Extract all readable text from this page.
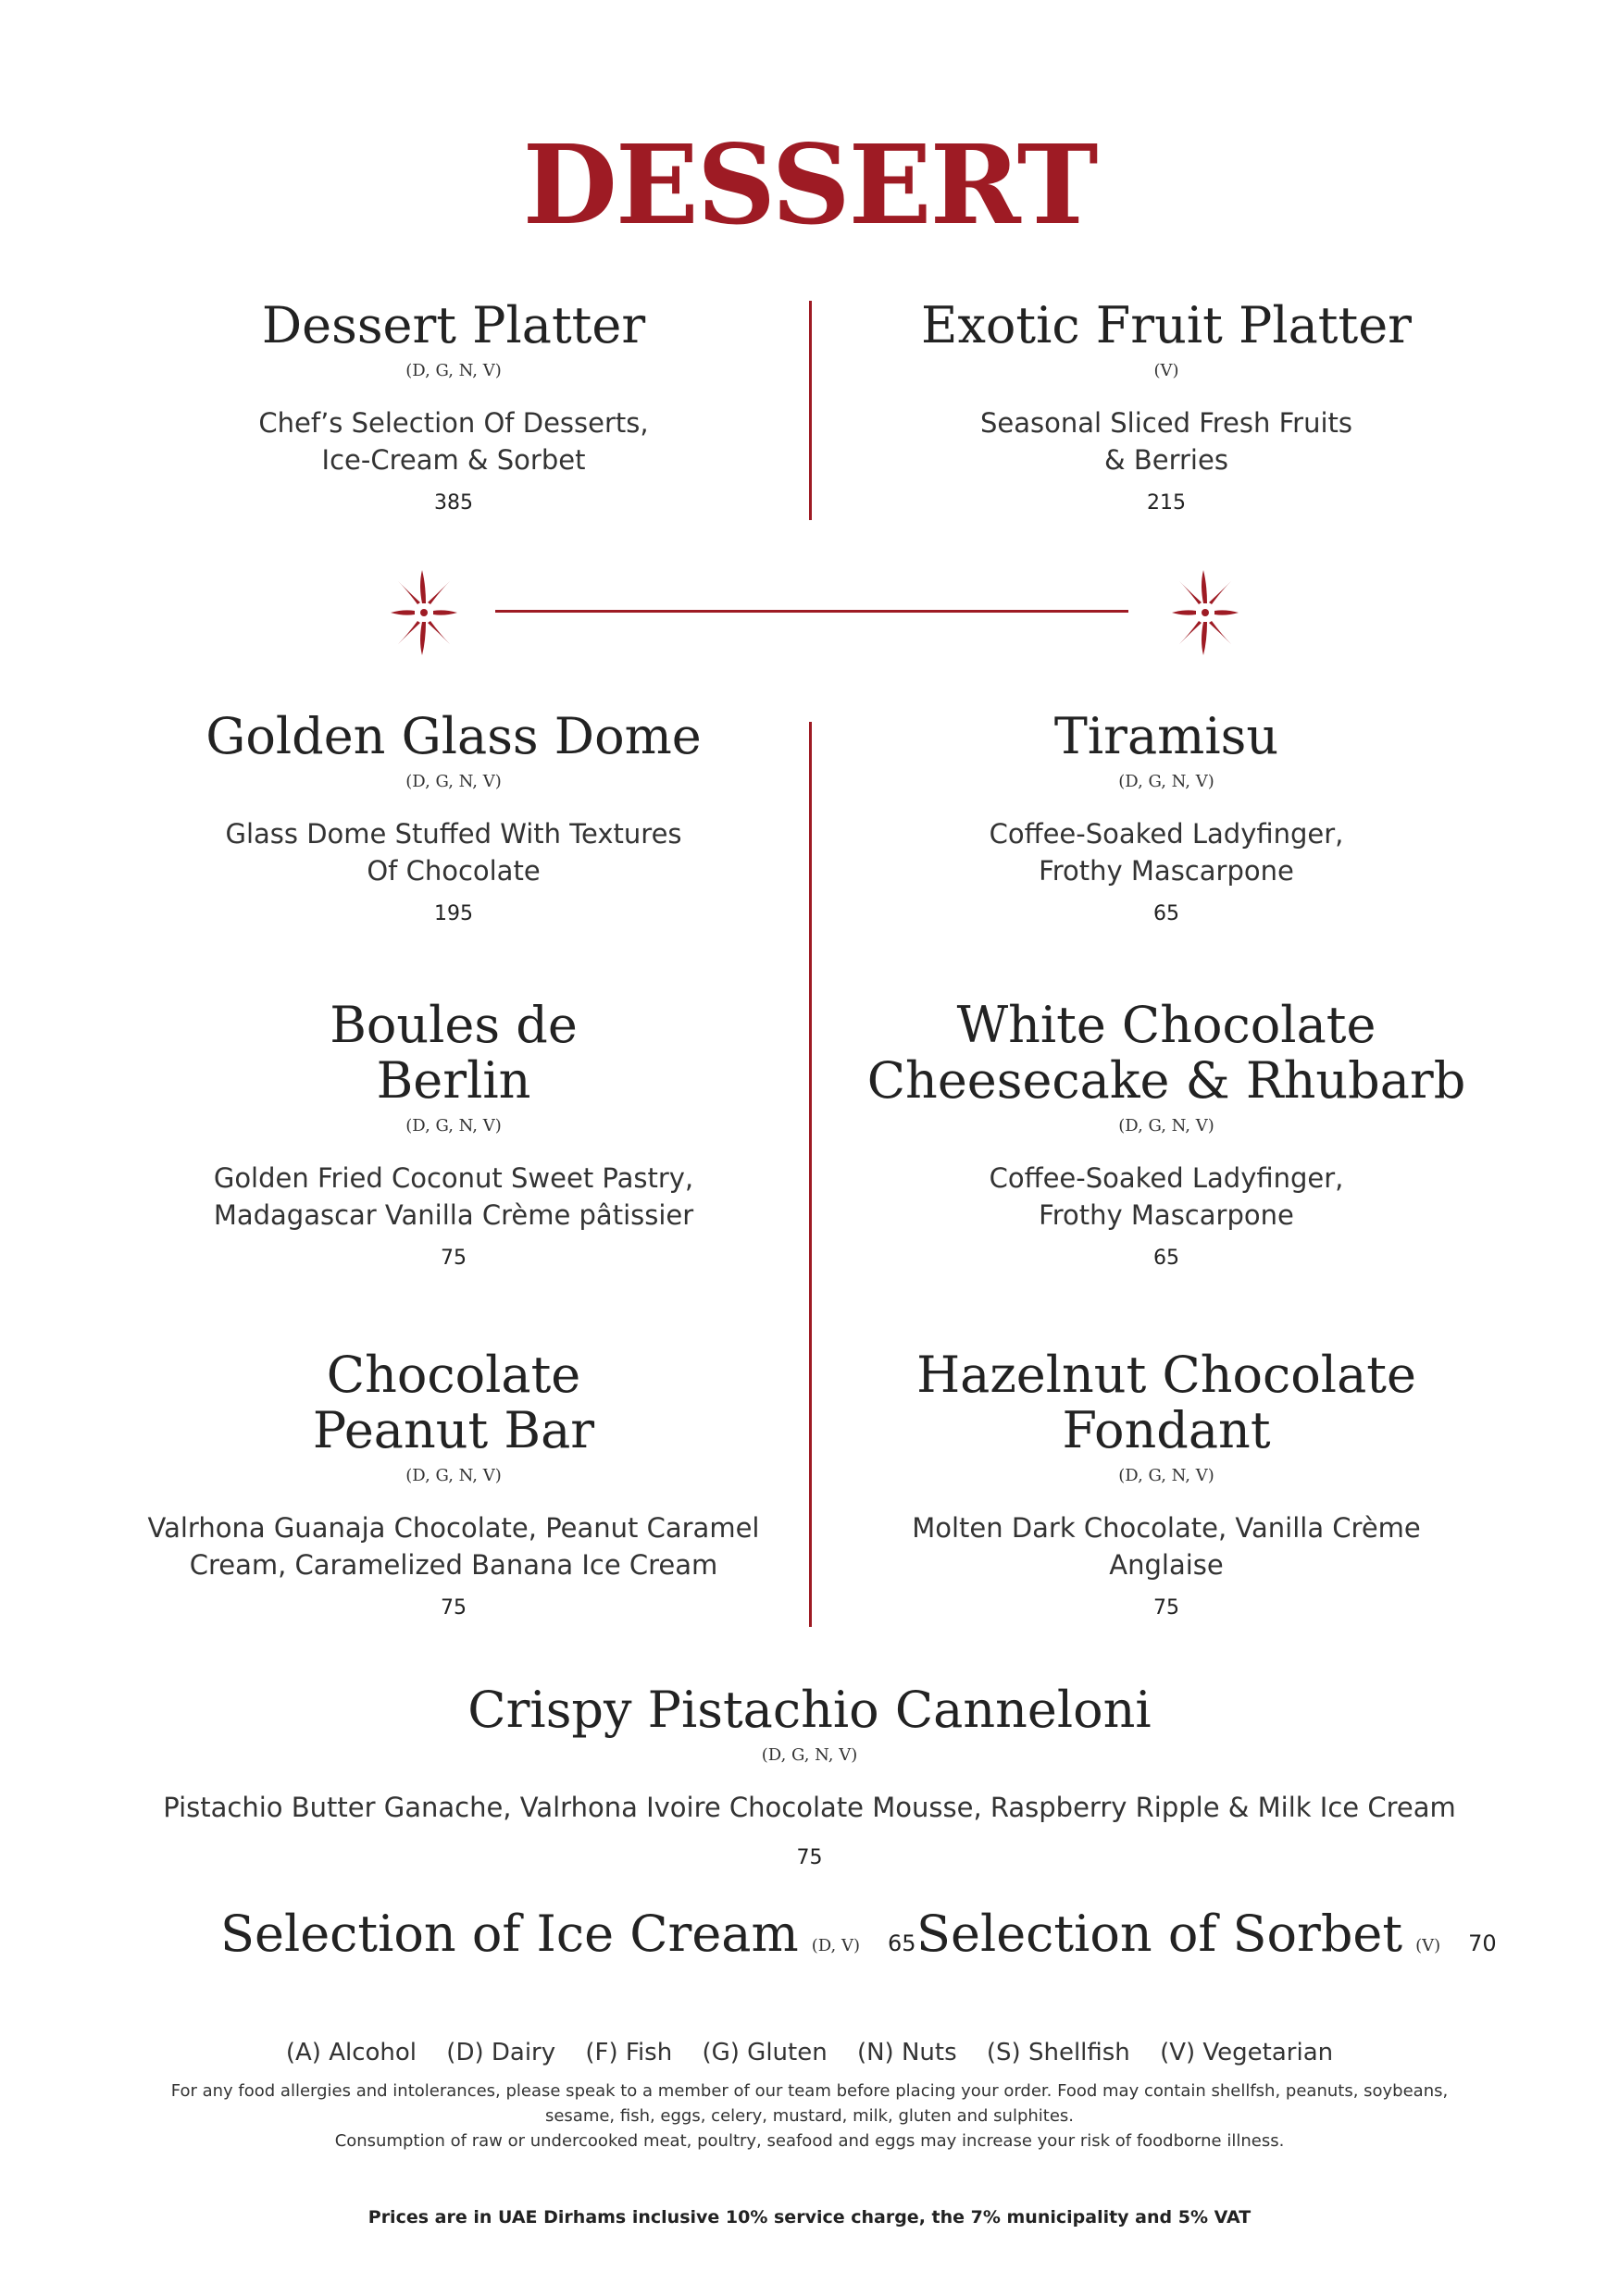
DESSERT
Dessert Platter
(D, G, N, V)
Chef’s Selection Of Desserts,
Ice-Cream & Sorbet
385
Exotic Fruit Platter
(V)
Seasonal Sliced Fresh Fruits
& Berries
215
Golden Glass Dome
(D, G, N, V)
Glass Dome Stuffed With Textures
Of Chocolate
195
Tiramisu
(D, G, N, V)
Coffee-Soaked Ladyfinger,
Frothy Mascarpone
65
Boules de
Berlin
(D, G, N, V)
Golden Fried Coconut Sweet Pastry,
Madagascar Vanilla Crème pâtissier
75
White Chocolate
Cheesecake & Rhubarb
(D, G, N, V)
Coffee-Soaked Ladyfinger,
Frothy Mascarpone
65
Chocolate
Peanut Bar
(D, G, N, V)
Valrhona Guanaja Chocolate, Peanut Caramel
Cream, Caramelized Banana Ice Cream
75
Hazelnut Chocolate
Fondant
(D, G, N, V)
Molten Dark Chocolate, Vanilla Crème
Anglaise
75
Crispy Pistachio Canneloni
(D, G, N, V)
Pistachio Butter Ganache, Valrhona Ivoire Chocolate Mousse, Raspberry Ripple & Milk Ice Cream
75
Selection of Ice Cream (D, V) 65 Selection of Sorbet (V) 70
(A) Alcohol (D) Dairy (F) Fish (G) Gluten (N) Nuts (S) Shellfish (V) Vegetarian
For any food allergies and intolerances, please speak to a member of our team before placing your order. Food may contain shellfsh, peanuts, soybeans,
sesame, fish, eggs, celery, mustard, milk, gluten and sulphites.
Consumption of raw or undercooked meat, poultry, seafood and eggs may increase your risk of foodborne illness.
Prices are in UAE Dirhams inclusive 10% service charge, the 7% municipality and 5% VAT
